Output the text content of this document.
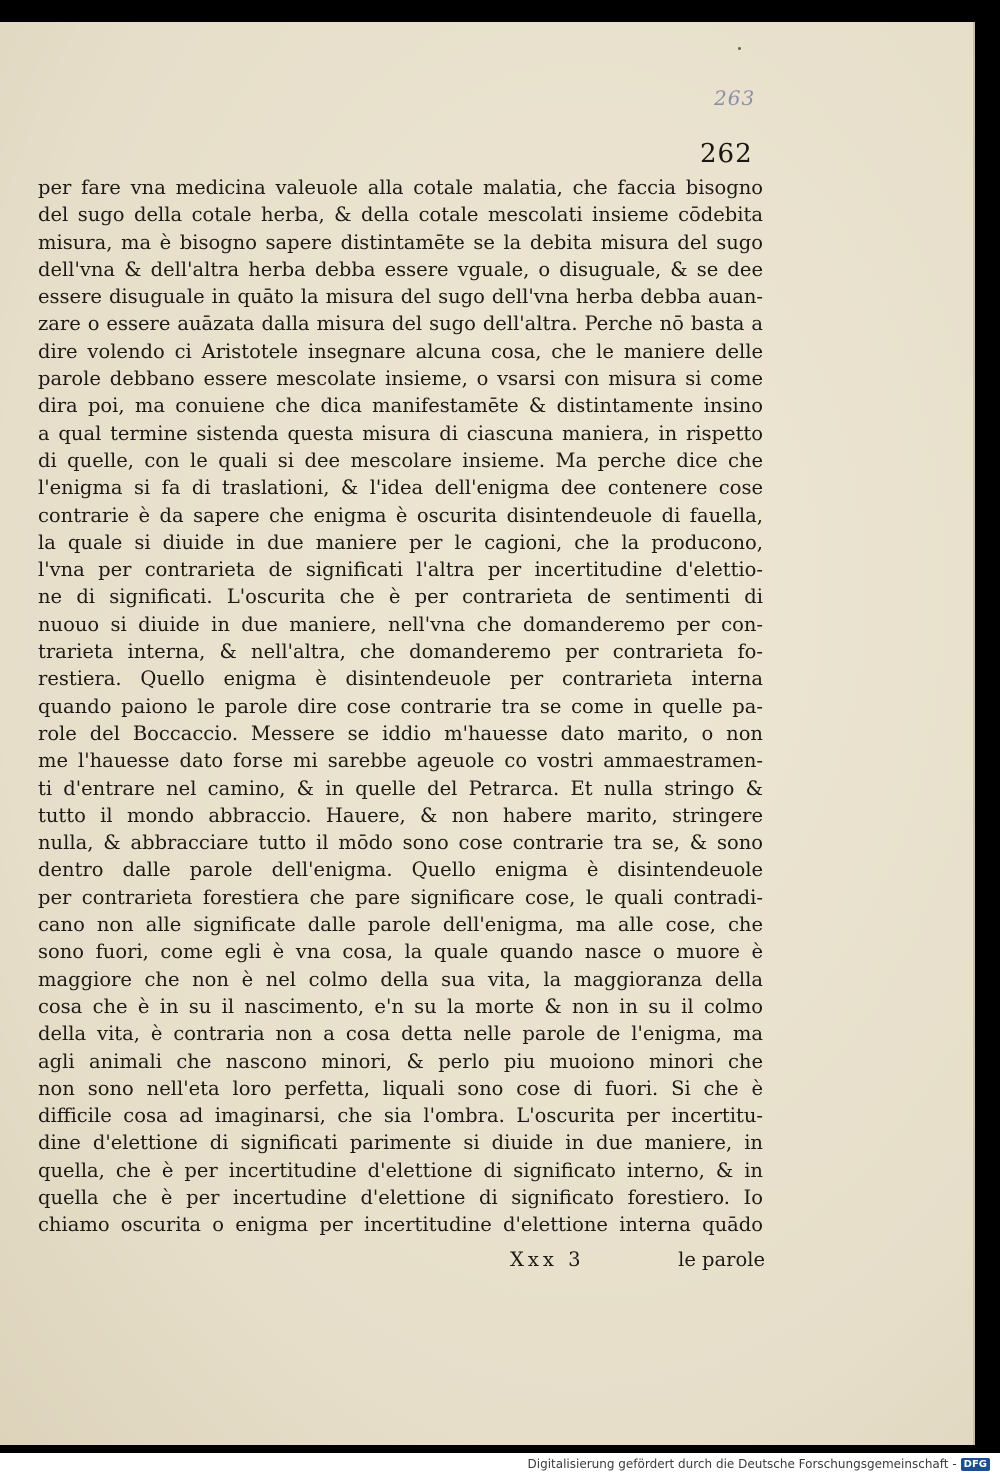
263
262
per fare vna medicina valeuole alla cotale malatia, che faccia bisogno
del sugo della cotale herba, & della cotale mescolati insieme cōdebita
misura, ma è bisogno sapere distintamēte se la debita misura del sugo
dell'vna & dell'altra herba debba essere vguale, o disuguale, & se dee
essere disuguale in quāto la misura del sugo dell'vna herba debba auan-
zare o essere auāzata dalla misura del sugo dell'altra. Perche nō basta a
dire volendo ci Aristotele insegnare alcuna cosa, che le maniere delle
parole debbano essere mescolate insieme, o vsarsi con misura si come
dira poi, ma conuiene che dica manifestamēte & distintamente insino
a qual termine sistenda questa misura di ciascuna maniera, in rispetto
di quelle, con le quali si dee mescolare insieme. Ma perche dice che
l'enigma si fa di traslationi, & l'idea dell'enigma dee contenere cose
contrarie è da sapere che enigma è oscurita disintendeuole di fauella,
la quale si diuide in due maniere per le cagioni, che la producono,
l'vna per contrarieta de significati l'altra per incertitudine d'elettio-
ne di significati. L'oscurita che è per contrarieta de sentimenti di
nuouo si diuide in due maniere, nell'vna che domanderemo per con-
trarieta interna, & nell'altra, che domanderemo per contrarieta fo-
restiera. Quello enigma è disintendeuole per contrarieta interna
quando paiono le parole dire cose contrarie tra se come in quelle pa-
role del Boccaccio. Messere se iddio m'hauesse dato marito, o non
me l'hauesse dato forse mi sarebbe ageuole co vostri ammaestramen-
ti d'entrare nel camino, & in quelle del Petrarca. Et nulla stringo &
tutto il mondo abbraccio. Hauere, & non habere marito, stringere
nulla, & abbracciare tutto il mōdo sono cose contrarie tra se, & sono
dentro dalle parole dell'enigma. Quello enigma è disintendeuole
per contrarieta forestiera che pare significare cose, le quali contradi-
cano non alle significate dalle parole dell'enigma, ma alle cose, che
sono fuori, come egli è vna cosa, la quale quando nasce o muore è
maggiore che non è nel colmo della sua vita, la maggioranza della
cosa che è in su il nascimento, e'n su la morte & non in su il colmo
della vita, è contraria non a cosa detta nelle parole de l'enigma, ma
agli animali che nascono minori, & perlo piu muoiono minori che
non sono nell'eta loro perfetta, liquali sono cose di fuori. Si che è
difficile cosa ad imaginarsi, che sia l'ombra. L'oscurita per incertitu-
dine d'elettione di significati parimente si diuide in due maniere, in
quella, che è per incertitudine d'elettione di significato interno, & in
quella che è per incertudine d'elettione di significato forestiero. Io
chiamo oscurita o enigma per incertitudine d'elettione interna quādo
Xxx 3	le parole
Digitalisierung gefördert durch die Deutsche Forschungsgemeinschaft - DFG
